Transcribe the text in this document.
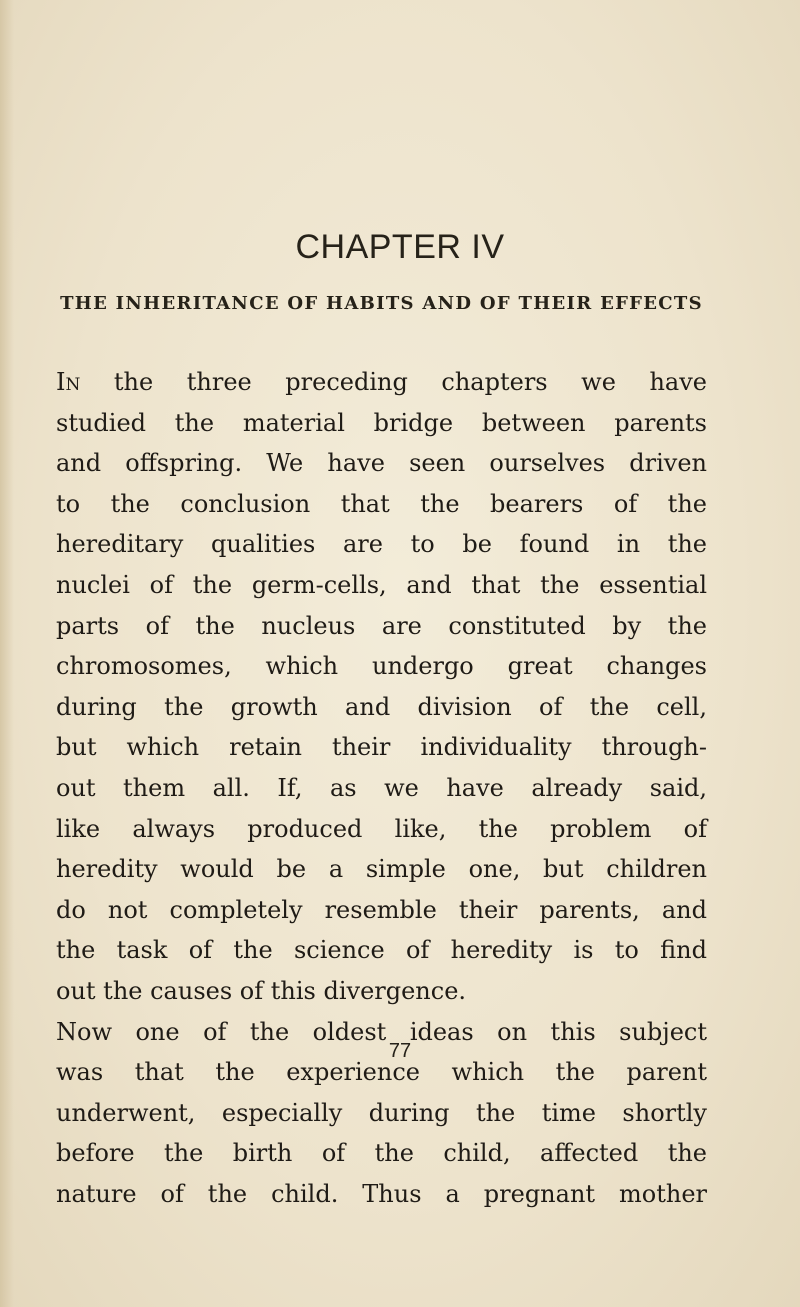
CHAPTER IV

THE INHERITANCE OF HABITS AND OF THEIR EFFECTS

In the three preceding chapters we have
studied the material bridge between parents
and offspring. We have seen ourselves driven
to the conclusion that the bearers of the
hereditary qualities are to be found in the
nuclei of the germ-cells, and that the essential
parts of the nucleus are constituted by the
chromosomes, which undergo great changes
during the growth and division of the cell,
but which retain their individuality through-
out them all. If, as we have already said,
like always produced like, the problem of
heredity would be a simple one, but children
do not completely resemble their parents, and
the task of the science of heredity is to find
out the causes of this divergence.
Now one of the oldest ideas on this subject
was that the experience which the parent
underwent, especially during the time shortly
before the birth of the child, affected the
nature of the child. Thus a pregnant mother

77
